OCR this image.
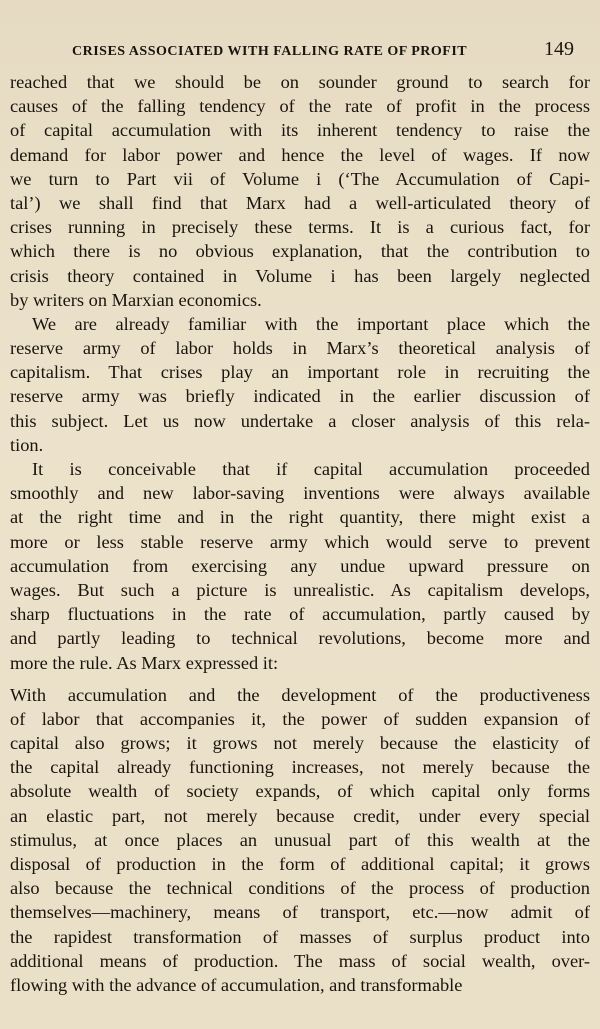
CRISES ASSOCIATED WITH FALLING RATE OF PROFIT	149
reached that we should be on sounder ground to search for
causes of the falling tendency of the rate of profit in the process
of capital accumulation with its inherent tendency to raise the
demand for labor power and hence the level of wages. If now
we turn to Part vii of Volume i (‘The Accumulation of Capi-
tal’) we shall find that Marx had a well-articulated theory of
crises running in precisely these terms. It is a curious fact, for
which there is no obvious explanation, that the contribution to
crisis theory contained in Volume i has been largely neglected
by writers on Marxian economics.
We are already familiar with the important place which the
reserve army of labor holds in Marx’s theoretical analysis of
capitalism. That crises play an important role in recruiting the
reserve army was briefly indicated in the earlier discussion of
this subject. Let us now undertake a closer analysis of this rela-
tion.
It is conceivable that if capital accumulation proceeded
smoothly and new labor-saving inventions were always available
at the right time and in the right quantity, there might exist a
more or less stable reserve army which would serve to prevent
accumulation from exercising any undue upward pressure on
wages. But such a picture is unrealistic. As capitalism develops,
sharp fluctuations in the rate of accumulation, partly caused by
and partly leading to technical revolutions, become more and
more the rule. As Marx expressed it:
With accumulation and the development of the productiveness
of labor that accompanies it, the power of sudden expansion of
capital also grows; it grows not merely because the elasticity of
the capital already functioning increases, not merely because the
absolute wealth of society expands, of which capital only forms
an elastic part, not merely because credit, under every special
stimulus, at once places an unusual part of this wealth at the
disposal of production in the form of additional capital; it grows
also because the technical conditions of the process of production
themselves—machinery, means of transport, etc.—now admit of
the rapidest transformation of masses of surplus product into
additional means of production. The mass of social wealth, over-
flowing with the advance of accumulation, and transformable
